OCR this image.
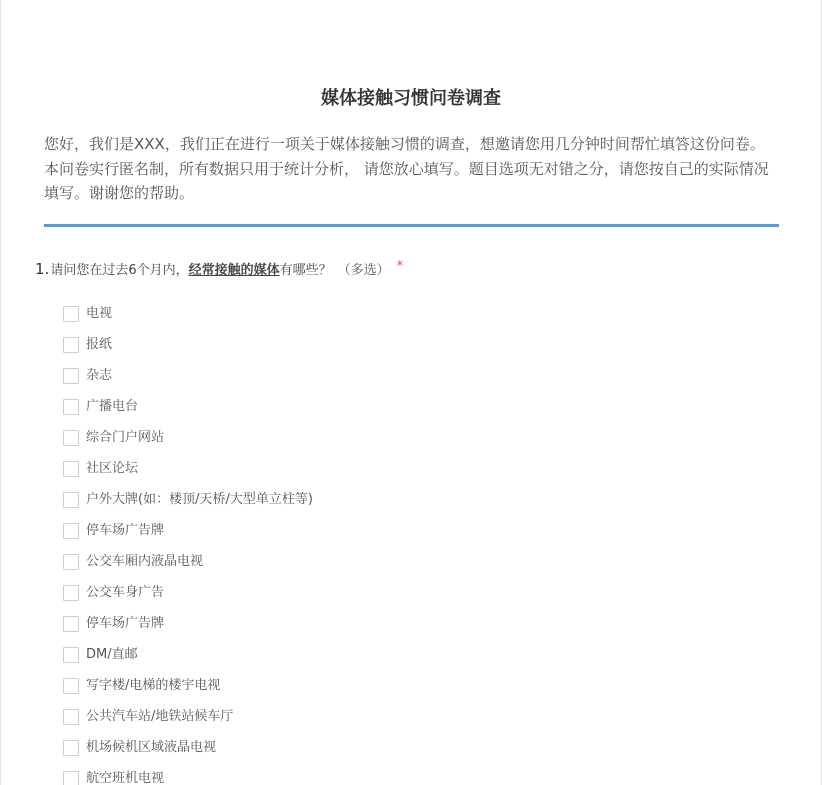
媒体接触习惯问卷调查

您好，我们是XXX，我们正在进行一项关于媒体接触习惯的调查，想邀请您用几分钟时间帮忙填答这份问卷。本问卷实行匿名制，所有数据只用于统计分析， 请您放心填写。题目选项无对错之分，请您按自己的实际情况填写。谢谢您的帮助。

1. 请问您在过去6个月内， 经常接触的媒体 有哪些？ （多选） *
电视
报纸
杂志
广播电台
综合门户网站
社区论坛
户外大牌(如：楼顶/天桥/大型单立柱等)
停车场广告牌
公交车厢内液晶电视
公交车身广告
停车场广告牌
DM/直邮
写字楼/电梯的楼宇电视
公共汽车站/地铁站候车厅
机场候机区域液晶电视
航空班机电视
